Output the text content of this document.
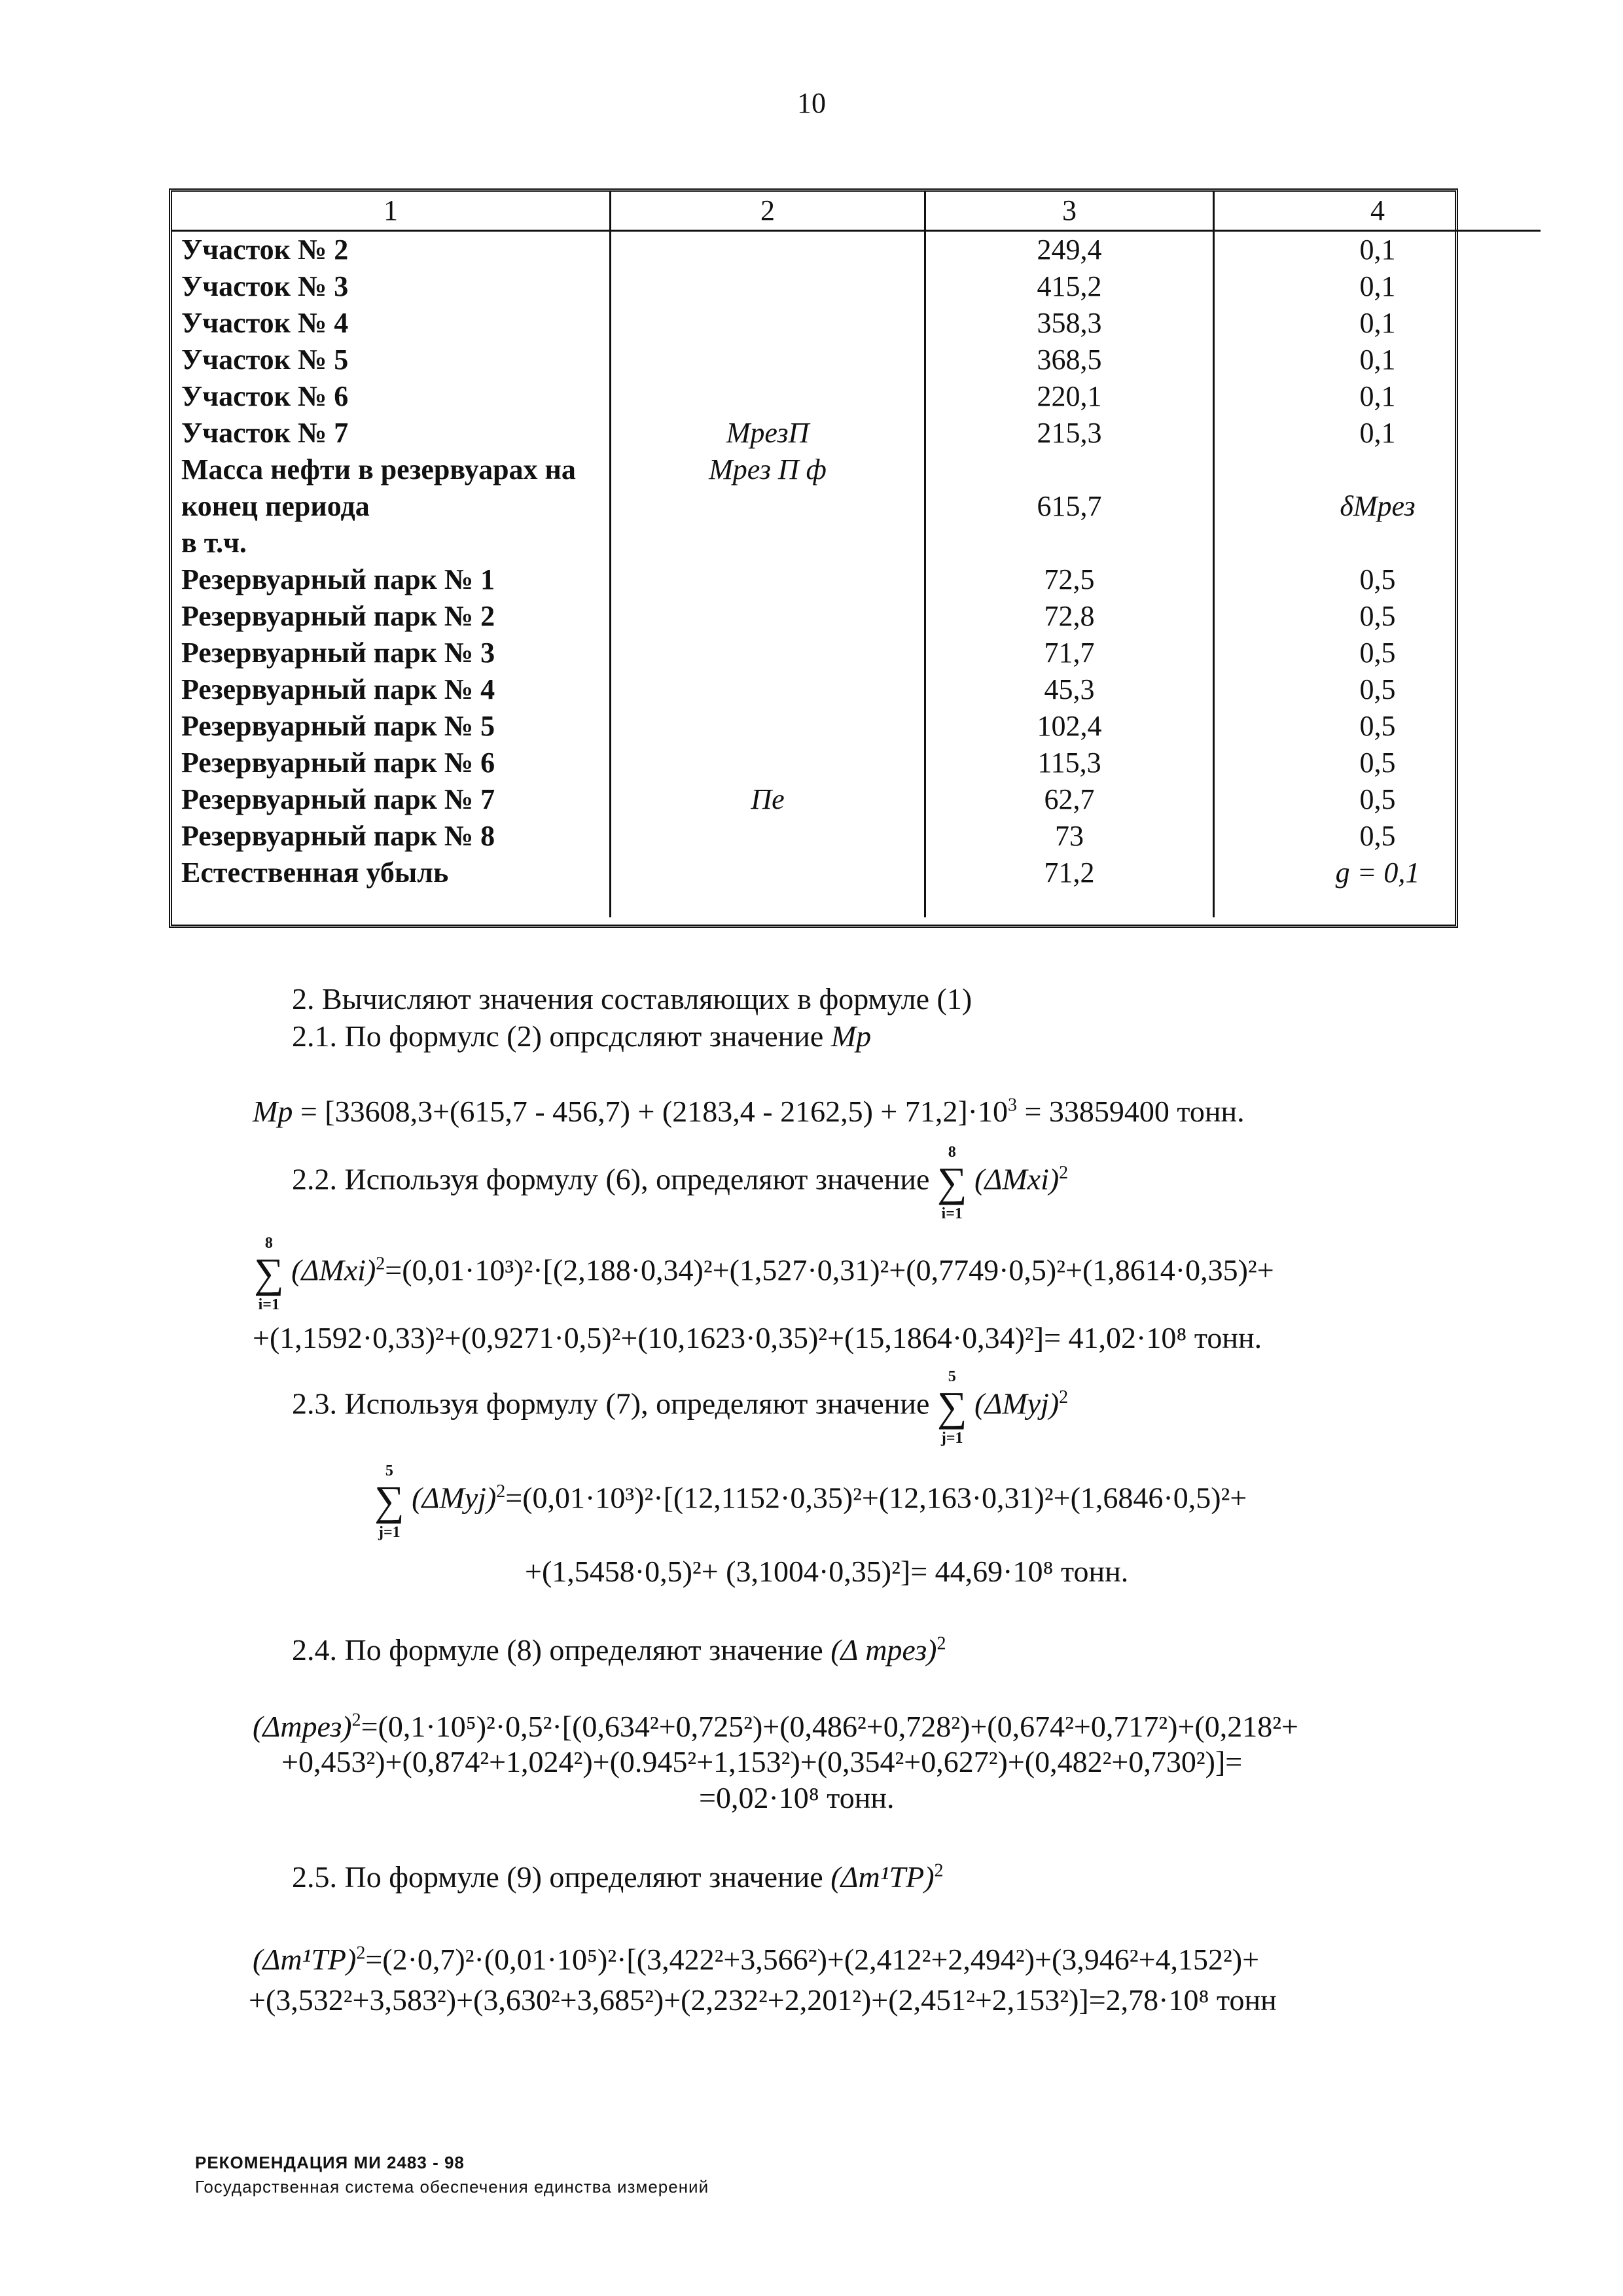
10
1	2	3	4
Участок № 2		249,4	0,1
Участок № 3		415,2	0,1
Участок № 4		358,3	0,1
Участок № 5		368,5	0,1
Участок № 6		220,1	0,1
Участок № 7	MрезП	215,3	0,1
Масса нефти в резервуарах на	Mрез П ф		
конец периода		615,7	δMрез
в т.ч.			
Резервуарный парк № 1		72,5	0,5
Резервуарный парк № 2		72,8	0,5
Резервуарный парк № 3		71,7	0,5
Резервуарный парк № 4		45,3	0,5
Резервуарный парк № 5		102,4	0,5
Резервуарный парк № 6		115,3	0,5
Резервуарный парк № 7	Пе	62,7	0,5
Резервуарный парк № 8		73	0,5
Естественная убыль		71,2	g = 0,1

2. Вычисляют значения составляющих в формуле (1)
2.1. По формулс (2) опрсдсляют значение Mр
Mр = $[33608,3+(615,7 - 456,7) + (2183,4 - 2162,5) + 71,2]\cdot 10^3 = 33859400$ тонн.
2.2. Используя формулу (6), определяют значение ∑
8
i=1
$(\Delta Mxi)^2$
∑
8
i=1
$(\Delta Mxi)^2=(0,01\cdot 10^3)^2\cdot[(2,188\cdot 0,34)^2+(1,527\cdot 0,31)^2+(0,7749\cdot 0,5)^2+(1,8614\cdot 0,35)^2+$
+(1,1592·0,33)²+(0,9271·0,5)²+(10,1623·0,35)²+(15,1864·0,34)²]= 41,02·10⁸ тонн.
2.3. Используя формулу (7), определяют значение ∑
5
j=1
$(\Delta Myj)^2$
∑
5
j=1
$(\Delta Myj)^2=(0,01\cdot 10^3)^2\cdot[(12,1152\cdot 0,35)^2+(12,163\cdot 0,31)^2+(1,6846\cdot 0,5)^2+$
+(1,5458·0,5)²+ (3,1004·0,35)²]= 44,69·10⁸ тонн.
2.4. По формуле (8) определяют значение (Δ mрез)$^2$
(Δmрез)$^2$=(0,1·10⁵)²·0,5²·[(0,634²+0,725²)+(0,486²+0,728²)+(0,674²+0,717²)+(0,218²+
+0,453²)+(0,874²+1,024²)+(0.945²+1,153²)+(0,354²+0,627²)+(0,482²+0,730²)]=
=0,02·10⁸ тонн.
2.5. По формуле (9) определяют значение $(\Delta m^1ТР)^2$
$(\Delta m^1ТР)^2=(2\cdot 0,7)^2\cdot(0,01\cdot 10^5)^2\cdot[(3,422^2+3,566^2)+(2,412^2+2,494^2)+(3,946^2+4,152^2)+$
+(3,532²+3,583²)+(3,630²+3,685²)+(2,232²+2,201²)+(2,451²+2,153²)]=2,78·10⁸ тонн
РЕКОМЕНДАЦИЯ МИ 2483 - 98
Государственная система обеспечения единства измерений
